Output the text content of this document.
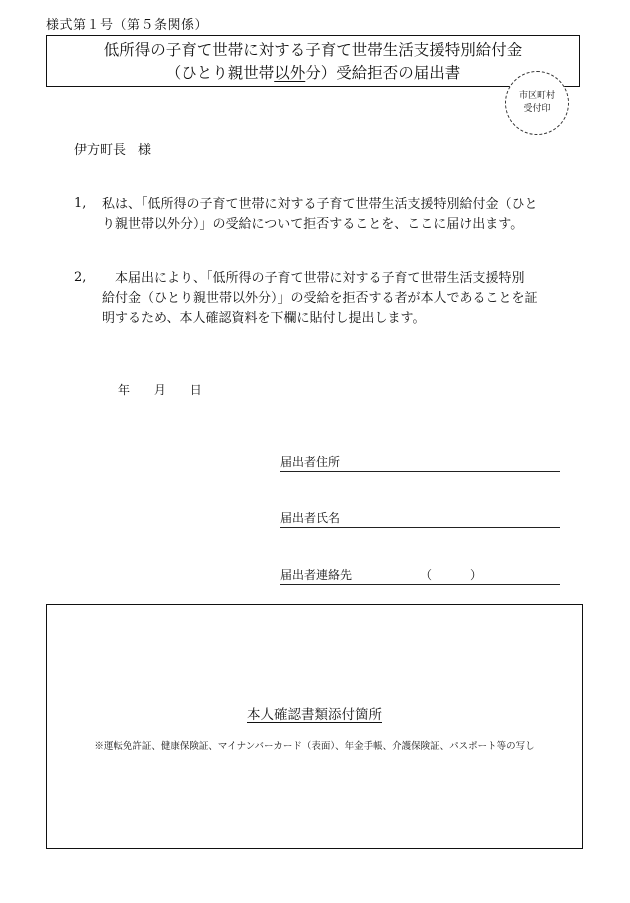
様式第１号（第５条関係）
低所得の子育て世帯に対する子育て世帯生活支援特別給付金
（ひとり親世帯以外分）受給拒否の届出書
市区町村
受付印
伊方町長 様
1, 私は、「低所得の子育て世帯に対する子育て世帯生活支援特別給付金（ひと
り親世帯以外分）」の受給について拒否することを、ここに届け出ます。
2, 　本届出により、「低所得の子育て世帯に対する子育て世帯生活支援特別
給付金（ひとり親世帯以外分）」の受給を拒否する者が本人であることを証
明するため、本人確認資料を下欄に貼付し提出します。
年 月 日
届出者住所
届出者氏名
届出者連絡先	（	）
本人確認書類添付箇所
※運転免許証、健康保険証、マイナンバーカード（表面）、年金手帳、介護保険証、パスポート等の写し
